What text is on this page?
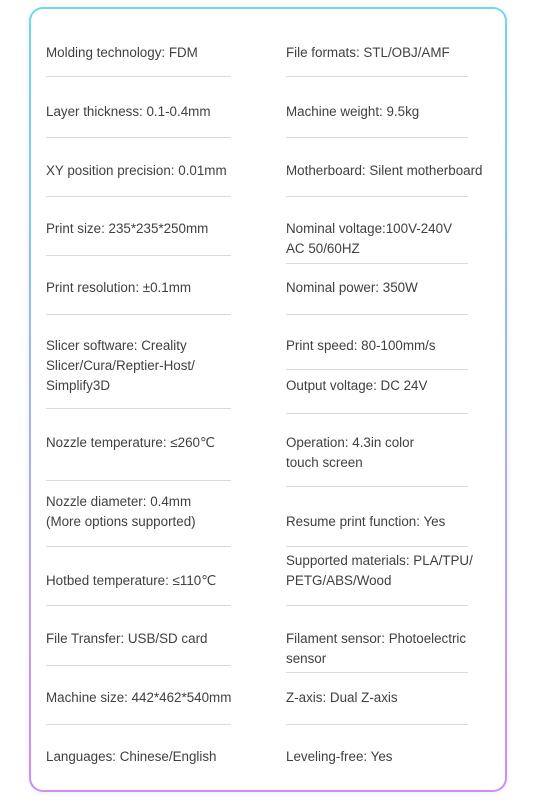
Molding technology: FDM
Layer thickness: 0.1-0.4mm
XY position precision: 0.01mm
Print size: 235*235*250mm
Print resolution: ±0.1mm
Slicer software: Creality
Slicer/Cura/Reptier-Host/
Simplify3D
Nozzle temperature: ≤260℃
Nozzle diameter: 0.4mm
(More options supported)
Hotbed temperature: ≤110℃
File Transfer: USB/SD card
Machine size: 442*462*540mm
Languages: Chinese/English
File formats: STL/OBJ/AMF
Machine weight: 9.5kg
Motherboard: Silent motherboard
Nominal voltage:100V-240V
AC 50/60HZ
Nominal power: 350W
Print speed: 80-100mm/s
Output voltage: DC 24V
Operation: 4.3in color
touch screen
Resume print function: Yes
Supported materials: PLA/TPU/
PETG/ABS/Wood
Filament sensor: Photoelectric
sensor
Z-axis: Dual Z-axis
Leveling-free: Yes
